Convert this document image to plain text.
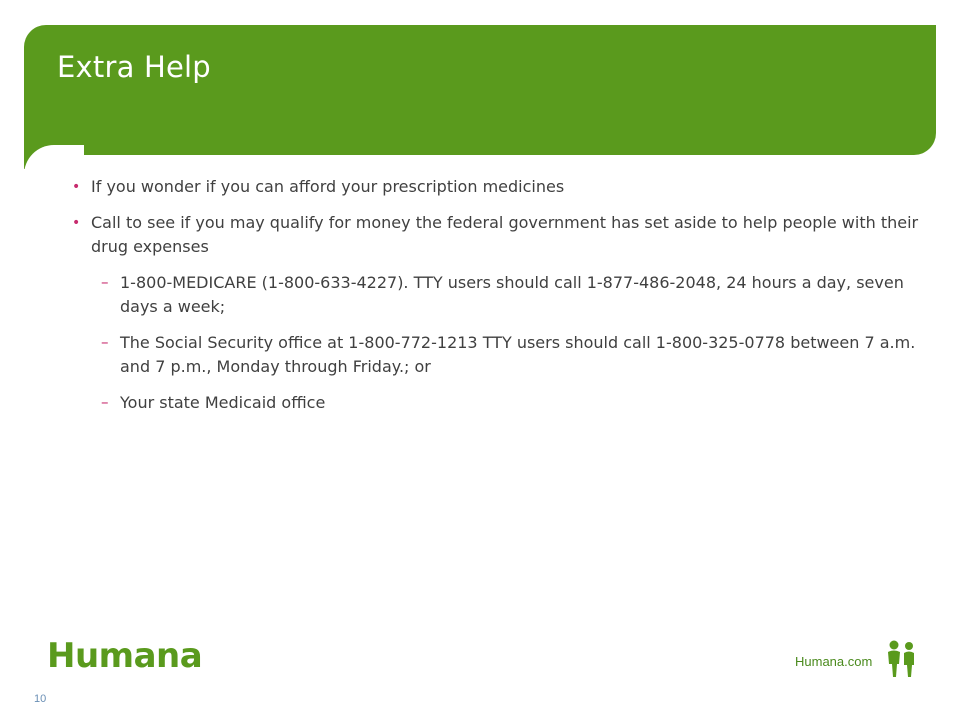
Extra Help

• If you wonder if you can afford your prescription medicines

• Call to see if you may qualify for money the federal government has set aside to help people with their drug expenses

– 1-800-MEDICARE (1-800-633-4227). TTY users should call 1-877-486-2048, 24 hours a day, seven days a week;

– The Social Security office at 1-800-772-1213 TTY users should call 1-800-325-0778 between 7 a.m. and 7 p.m., Monday through Friday.; or

– Your state Medicaid office

Humana	Humana.com
10
